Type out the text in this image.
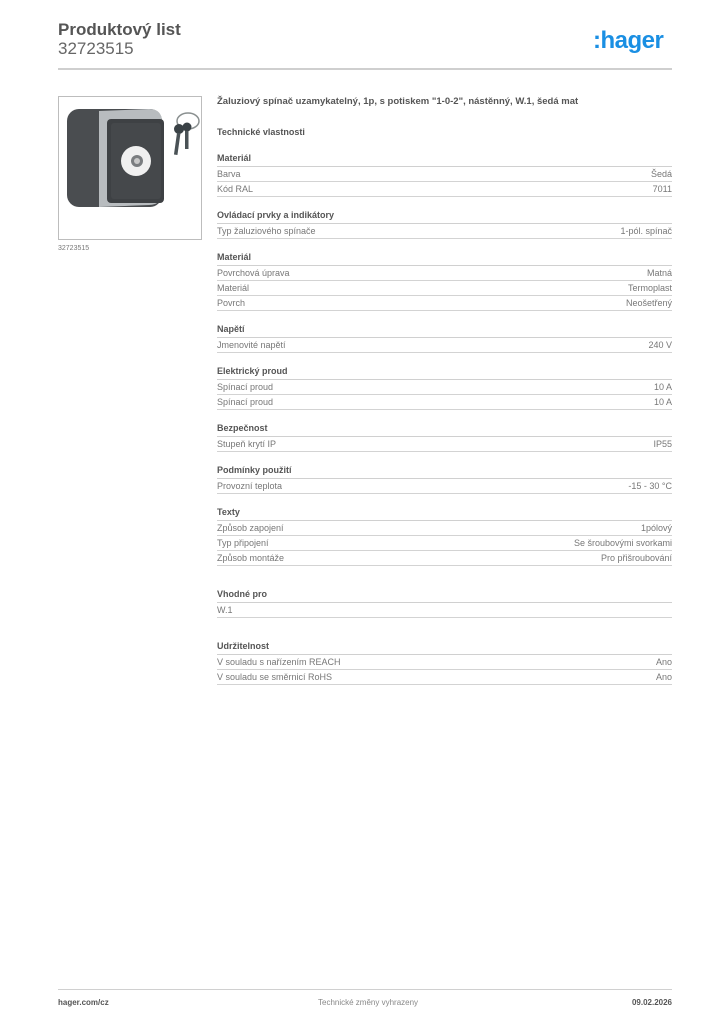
Produktový list
32723515	:hager
32723515
Žaluziový spínač uzamykatelný, 1p, s potiskem "1-0-2", nástěnný, W.1, šedá mat
Technické vlastnosti
Materiál
Barva	Šedá
Kód RAL	7011
Ovládací prvky a indikátory
Typ žaluziového spínače	1-pól. spínač
Materiál
Povrchová úprava	Matná
Materiál	Termoplast
Povrch	Neošetřený
Napětí
Jmenovité napětí	240 V
Elektrický proud
Spínací proud	10 A
Spínací proud	10 A
Bezpečnost
Stupeň krytí IP	IP55
Podmínky použití
Provozní teplota	-15 - 30 °C
Texty
Způsob zapojení	1pólový
Typ připojení	Se šroubovými svorkami
Způsob montáže	Pro přišroubování
Vhodné pro
W.1
Udržitelnost
V souladu s nařízením REACH	Ano
V souladu se směrnicí RoHS	Ano
hager.com/cz	Technické změny vyhrazeny	09.02.2026
